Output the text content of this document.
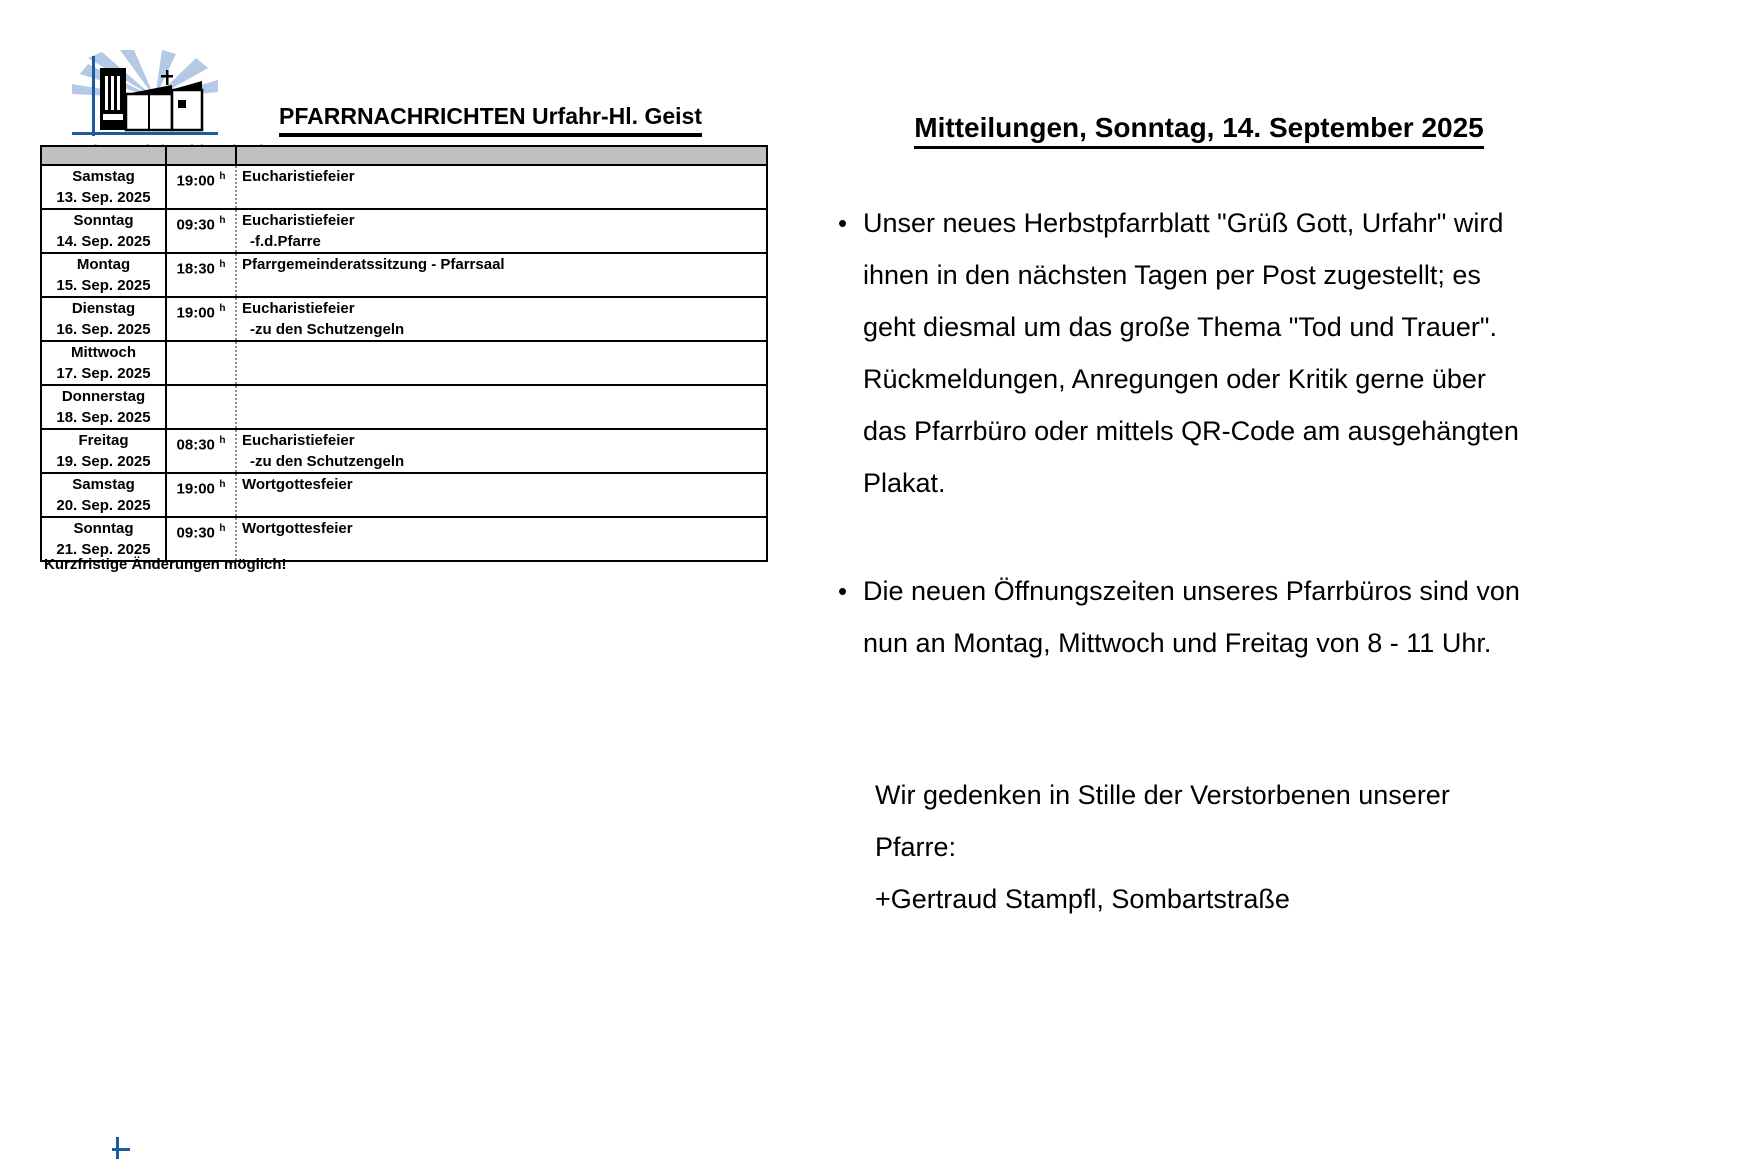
PFARRNACHRICHTEN Urfahr-Hl. Geist

Samstag
13. Sep. 2025	19:00 $^h$	Eucharistiefeier

Sonntag
14. Sep. 2025
	09:30 $^h$	Eucharistiefeier
-f.d.Pfarre

Montag
15. Sep. 2025	18:30 $^h$	Pfarrgemeinderatssitzung - Pfarrsaal

Dienstag
16. Sep. 2025
	19:00 $^h$	Eucharistiefeier
-zu den Schutzengeln

Mittwoch
17. Sep. 2025		

Donnerstag
18. Sep. 2025		

Freitag
19. Sep. 2025
	08:30 $^h$	Eucharistiefeier
-zu den Schutzengeln

Samstag
20. Sep. 2025	19:00 $^h$	Wortgottesfeier

Sonntag
21. Sep. 2025	09:30 $^h$	Wortgottesfeier
Kurzfristige Änderungen möglich!
Mitteilungen, Sonntag, 14. September 2025
• Unser neues Herbstpfarrblatt "Grüß Gott, Urfahr" wird ihnen in den nächsten Tagen per Post zugestellt; es geht diesmal um das große Thema "Tod und Trauer". Rückmeldungen, Anregungen oder Kritik gerne über das Pfarrbüro oder mittels QR-Code am ausgehängten Plakat.
• Die neuen Öffnungszeiten unseres Pfarrbüros sind von nun an Montag, Mittwoch und Freitag von 8 - 11 Uhr.
Wir gedenken in Stille der Verstorbenen unserer Pfarre:
+Gertraud Stampfl, Sombartstraße
